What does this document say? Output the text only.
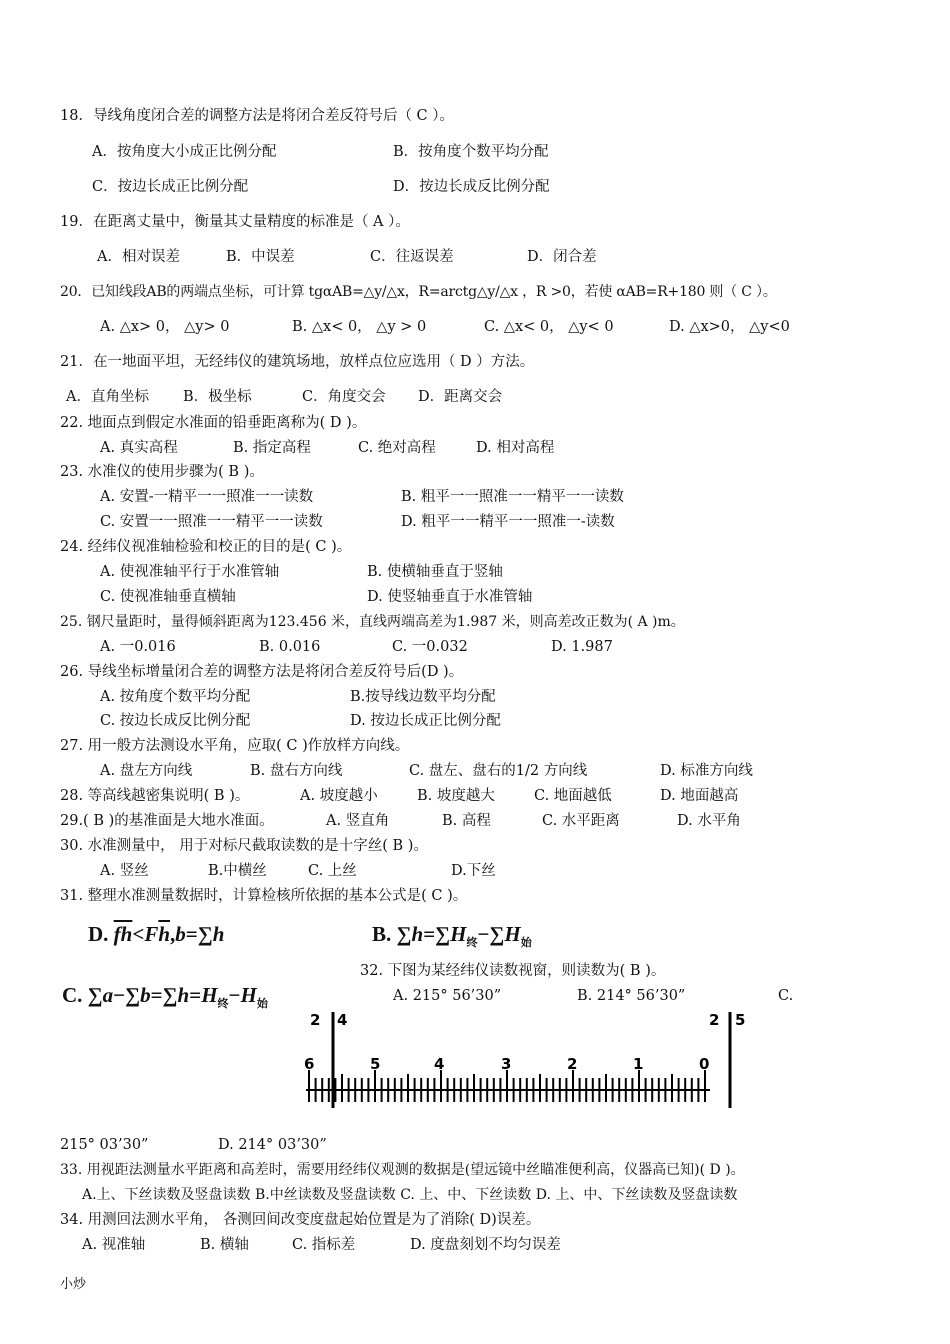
18．导线角度闭合差的调整方法是将闭合差反符号后（ C ）。
A．按角度大小成正比例分配	B．按角度个数平均分配
C．按边长成正比例分配	D．按边长成反比例分配
19．在距离丈量中，衡量其丈量精度的标准是（ A ）。
A．相对误差	B．中误差	C．往返误差	D．闭合差
20．已知线段AB的两端点坐标，可计算 tgαAB=△y/△x，R=arctg△y/△x ，R >0，若使 αAB=R+180 则（ C ）。
A. △x> 0， △y> 0	B. △x< 0， △y > 0	C. △x< 0， △y< 0	D. △x>0， △y<0
21．在一地面平坦，无经纬仪的建筑场地，放样点位应选用（ D ）方法。
A．直角坐标 B．极坐标	C．角度交会 D．距离交会
22. 地面点到假定水准面的铅垂距离称为( D )。
A. 真实高程	B. 指定高程	C. 绝对高程	D. 相对高程
23. 水准仪的使用步骤为( B )。
A. 安置-一精平一一照准一一读数	B. 粗平一一照准一一精平一一读数
C. 安置一一照准一一精平一一读数	D. 粗平一一精平一一照准一-读数
24. 经纬仪视准轴检验和校正的目的是( C )。
A. 使视准轴平行于水准管轴	B. 使横轴垂直于竖轴
C. 使视准轴垂直横轴	D. 使竖轴垂直于水准管轴
25. 钢尺量距时，量得倾斜距离为123.456 米，直线两端高差为1.987 米，则高差改正数为( A )m。
A. 一0.016	B. 0.016	C. 一0.032	D. 1.987
26. 导线坐标增量闭合差的调整方法是将闭合差反符号后(D )。
A. 按角度个数平均分配	B.按导线边数平均分配
C. 按边长成反比例分配	D. 按边长成正比例分配
27. 用一般方法测设水平角，应取( C )作放样方向线。
A. 盘左方向线	B. 盘右方向线	C. 盘左、盘右的1/2 方向线	D. 标准方向线
28. 等高线越密集说明( B )。	A. 坡度越小	B. 坡度越大	C. 地面越低	D. 地面越高
29.( B )的基准面是大地水准面。	A. 竖直角	B. 高程	C. 水平距离	D. 水平角
30. 水准测量中， 用于对标尺截取读数的是十字丝( B )。
A. 竖丝	B.中横丝	C. 上丝	D.下丝
31. 整理水准测量数据时，计算检核所依据的基本公式是( C )。
D. $\overline{fh}<F\overline{h},b=\sum h$	B. $\sum h=\sum H_终-\sum H_始$
C. $\sum a-\sum b=\sum h=H_终-H_始$
32. 下图为某经纬仪读数视窗，则读数为( B )。
A. 215° 56’30”	B. 214° 56’30”	C.
2 4	2 5
6	5	4	3	2	1	0
215° 03’30”	D. 214° 03’30”
33. 用视距法测量水平距离和高差时，需要用经纬仪观测的数据是(望远镜中丝瞄准便利高，仪器高已知)( D )。
A.上、下丝读数及竖盘读数 B.中丝读数及竖盘读数 C. 上、中、下丝读数 D. 上、中、下丝读数及竖盘读数
34. 用测回法测水平角， 各测回间改变度盘起始位置是为了消除( D)误差。
A. 视准轴	B. 横轴	C. 指标差	D. 度盘刻划不均匀误差
小炒
